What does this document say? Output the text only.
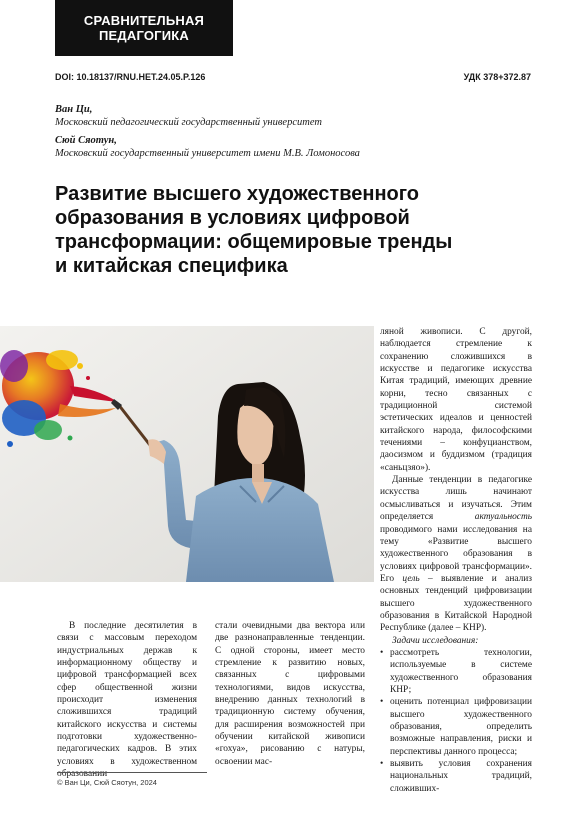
СРАВНИТЕЛЬНАЯ
ПЕДАГОГИКА
DOI: 10.18137/RNU.HET.24.05.P.126	УДК 378+372.87
Ван Ци,
Московский педагогический государственный университет
Сюй Сяотун,
Московский государственный университет имени М.В. Ломоносова
Развитие высшего художественного
образования в условиях цифровой
трансформации: общемировые тренды
и китайская специфика

В последние десятилетия в связи с массовым переходом индустриальных держав к информационному обществу и цифровой трансформацией всех сфер общественной жизни происходит изменения сложившихся традиций китайского искусства и системы подготовки художественно-педагогических кадров. В этих условиях в художественном образовании

стали очевидными два вектора или две разнонаправленные тенденции. С одной стороны, имеет место стремление к развитию новых, связанных с цифровыми технологиями, видов искусства, внедрению данных технологий в традиционную систему обучения, для расширения возможностей при обучении китайской живописи «гохуа», рисованию с натуры, освоении мас-

ляной живописи. С другой, наблюдается стремление к сохранению сложившихся в искусстве и педагогике искусства Китая традиций, имеющих древние корни, тесно связанных с традиционной системой эстетических идеалов и ценностей китайского народа, философскими течениями – конфуцианством, даосизмом и буддизмом (традиция «саньцзяо»).

Данные тенденции в педагогике искусства лишь начинают осмысливаться и изучаться. Этим определяется актуальность проводимого нами исследования на тему «Развитие высшего художественного образования в условиях цифровой трансформации». Его цель – выявление и анализ основных тенденций цифровизации высшего художественного образования в Китайской Народной Республике (далее – КНР).

Задачи исследования:

• рассмотреть технологии, используемые в системе художественного образования КНР;

• оценить потенциал цифровизации высшего художественного образования, определить возможные направления, риски и перспективы данного процесса;

• выявить условия сохранения национальных традиций, сложивших-

© Ван Ци, Сюй Сяотун, 2024
